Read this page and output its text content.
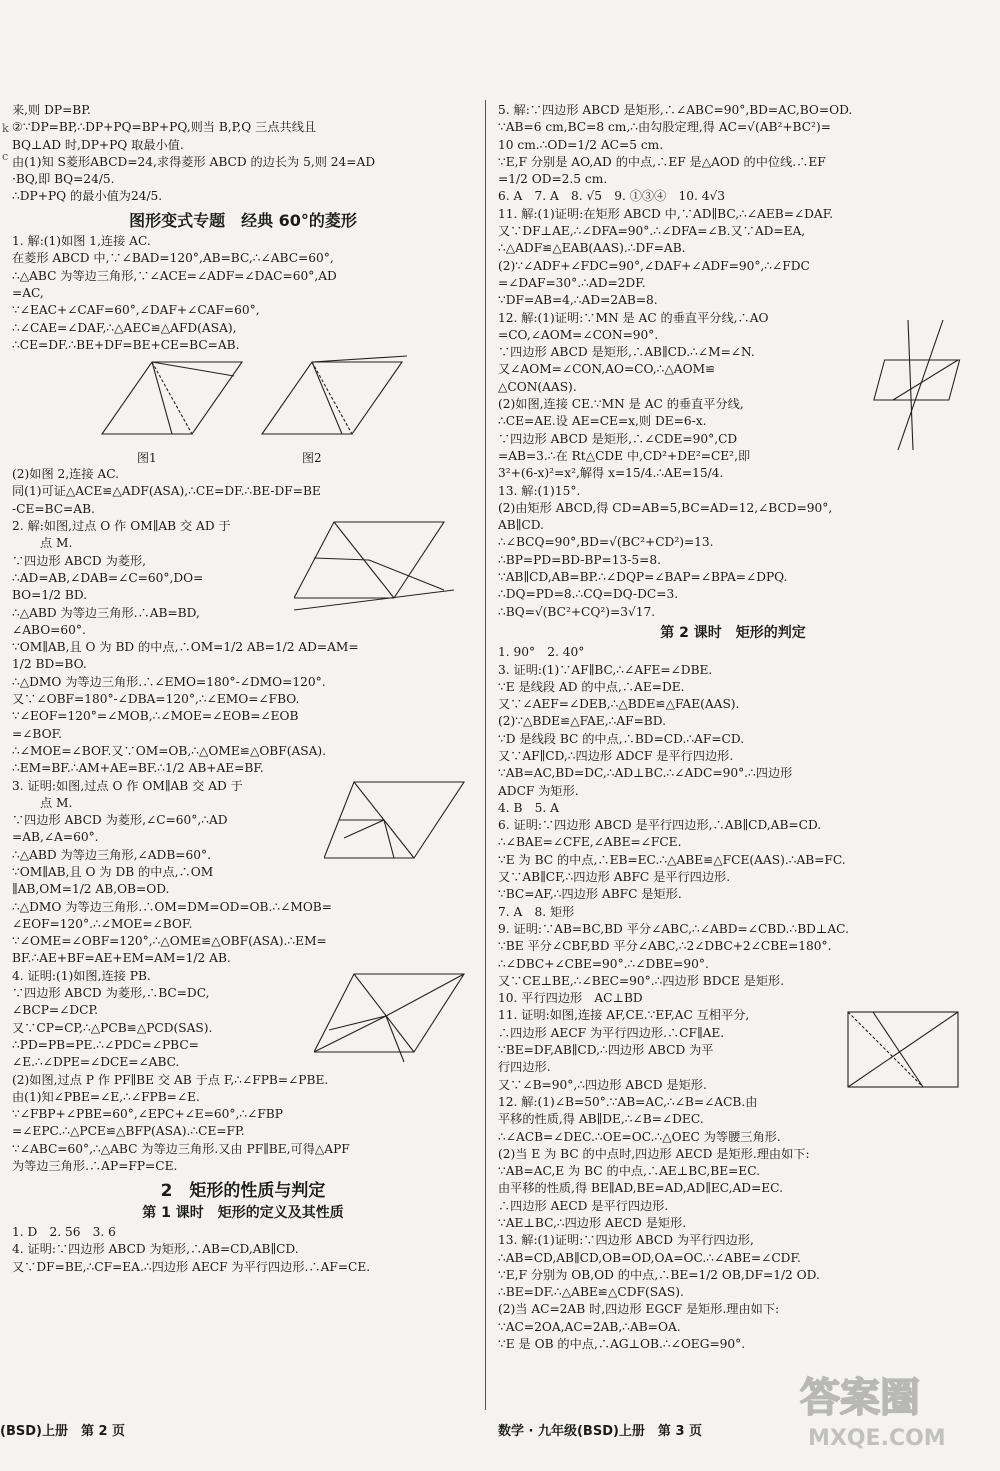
k
c
来,则 DP=BP.
②∵DP=BP,∴DP+PQ=BP+PQ,则当 B,P,Q 三点共线且
BQ⊥AD 时,DP+PQ 取最小值.
由(1)知 S菱形ABCD=24,求得菱形 ABCD 的边长为 5,则 24=AD
·BQ,即 BQ=24/5.
∴DP+PQ 的最小值为24/5.
图形变式专题　经典 60°的菱形
1. 解:(1)如图 1,连接 AC.
在菱形 ABCD 中,∵∠BAD=120°,AB=BC,∴∠ABC=60°,
∴△ABC 为等边三角形,∵∠ACE=∠ADF=∠DAC=60°,AD
=AC,
∵∠EAC+∠CAF=60°,∠DAF+∠CAF=60°,
∴∠CAE=∠DAF,∴△AEC≌△AFD(ASA),
∴CE=DF.∴BE+DF=BE+CE=BC=AB.
图1	图2
(2)如图 2,连接 AC.
同(1)可证△ACE≌△ADF(ASA),∴CE=DF.∴BE-DF=BE
-CE=BC=AB.
2. 解:如图,过点 O 作 OM∥AB 交 AD 于
点 M.
∵四边形 ABCD 为菱形,
∴AD=AB,∠DAB=∠C=60°,DO=
BO=1/2 BD.
∴△ABD 为等边三角形.∴AB=BD,
∠ABO=60°.
∵OM∥AB,且 O 为 BD 的中点,∴OM=1/2 AB=1/2 AD=AM=
1/2 BD=BO.
∴△DMO 为等边三角形.∴∠EMO=180°-∠DMO=120°.
又∵∠OBF=180°-∠DBA=120°,∴∠EMO=∠FBO.
∵∠EOF=120°=∠MOB,∴∠MOE=∠EOB=∠EOB
=∠BOF.
∴∠MOE=∠BOF.又∵OM=OB,∴△OME≌△OBF(ASA).
∴EM=BF.∴AM+AE=BF.∴1/2 AB+AE=BF.
3. 证明:如图,过点 O 作 OM∥AB 交 AD 于
点 M.
∵四边形 ABCD 为菱形,∠C=60°,∴AD
=AB,∠A=60°.
∴△ABD 为等边三角形,∠ADB=60°.
∵OM∥AB,且 O 为 DB 的中点,∴OM
∥AB,OM=1/2 AB,OB=OD.
∴△DMO 为等边三角形.∴OM=DM=OD=OB.∴∠MOB=
∠EOF=120°.∴∠MOE=∠BOF.
∵∠OME=∠OBF=120°,∴△OME≌△OBF(ASA).∴EM=
BF.∴AE+BF=AE+EM=AM=1/2 AB.
4. 证明:(1)如图,连接 PB.
∵四边形 ABCD 为菱形,∴BC=DC,
∠BCP=∠DCP.
又∵CP=CP,∴△PCB≌△PCD(SAS).
∴PD=PB=PE.∴∠PDC=∠PBC=
∠E.∴∠DPE=∠DCE=∠ABC.
(2)如图,过点 P 作 PF∥BE 交 AB 于点 F,∴∠FPB=∠PBE.
由(1)知∠PBE=∠E,∴∠FPB=∠E.
∵∠FBP+∠PBE=60°,∠EPC+∠E=60°,∴∠FBP
=∠EPC.∴△PCE≌△BFP(ASA).∴CE=FP.
∵∠ABC=60°,∴△ABC 为等边三角形.又由 PF∥BE,可得△APF
为等边三角形.∴AP=FP=CE.
2　矩形的性质与判定
第 1 课时　矩形的定义及其性质
1. D　2. 56　3. 6
4. 证明:∵四边形 ABCD 为矩形,∴AB=CD,AB∥CD.
又∵DF=BE,∴CF=EA.∴四边形 AECF 为平行四边形.∴AF=CE.
5. 解:∵四边形 ABCD 是矩形,∴∠ABC=90°,BD=AC,BO=OD.
∵AB=6 cm,BC=8 cm,∴由勾股定理,得 AC=√(AB²+BC²)=
10 cm.∴OD=1/2 AC=5 cm.
∵E,F 分别是 AO,AD 的中点,∴EF 是△AOD 的中位线.∴EF
=1/2 OD=2.5 cm.
6. A　7. A　8. √5　9. ①③④　10. 4√3
11. 解:(1)证明:在矩形 ABCD 中,∵AD∥BC,∴∠AEB=∠DAF.
又∵DF⊥AE,∴∠DFA=90°.∴∠DFA=∠B.又∵AD=EA,
∴△ADF≌△EAB(AAS).∴DF=AB.
(2)∵∠ADF+∠FDC=90°,∠DAF+∠ADF=90°,∴∠FDC
=∠DAF=30°.∴AD=2DF.
∵DF=AB=4,∴AD=2AB=8.
12. 解:(1)证明:∵MN 是 AC 的垂直平分线,∴AO
=CO,∠AOM=∠CON=90°.
∵四边形 ABCD 是矩形,∴AB∥CD.∴∠M=∠N.
又∠AOM=∠CON,AO=CO,∴△AOM≌
△CON(AAS).
(2)如图,连接 CE.∵MN 是 AC 的垂直平分线,
∴CE=AE.设 AE=CE=x,则 DE=6-x.
∵四边形 ABCD 是矩形,∴∠CDE=90°,CD
=AB=3.∴在 Rt△CDE 中,CD²+DE²=CE²,即
3²+(6-x)²=x²,解得 x=15/4.∴AE=15/4.
13. 解:(1)15°.
(2)由矩形 ABCD,得 CD=AB=5,BC=AD=12,∠BCD=90°,
AB∥CD.
∴∠BCQ=90°,BD=√(BC²+CD²)=13.
∴BP=PD=BD-BP=13-5=8.
∵AB∥CD,AB=BP.∴∠DQP=∠BAP=∠BPA=∠DPQ.
∴DQ=PD=8.∴CQ=DQ-DC=3.
∴BQ=√(BC²+CQ²)=3√17.
第 2 课时　矩形的判定
1. 90°　2. 40°
3. 证明:(1)∵AF∥BC,∴∠AFE=∠DBE.
∵E 是线段 AD 的中点,∴AE=DE.
又∵∠AEF=∠DEB,∴△BDE≌△FAE(AAS).
(2)∵△BDE≌△FAE,∴AF=BD.
∵D 是线段 BC 的中点,∴BD=CD.∴AF=CD.
又∵AF∥CD,∴四边形 ADCF 是平行四边形.
∵AB=AC,BD=DC,∴AD⊥BC.∴∠ADC=90°.∴四边形
ADCF 为矩形.
4. B　5. A
6. 证明:∵四边形 ABCD 是平行四边形,∴AB∥CD,AB=CD.
∴∠BAE=∠CFE,∠ABE=∠FCE.
∵E 为 BC 的中点,∴EB=EC.∴△ABE≌△FCE(AAS).∴AB=FC.
又∵AB∥CF,∴四边形 ABFC 是平行四边形.
∵BC=AF,∴四边形 ABFC 是矩形.
7. A　8. 矩形
9. 证明:∵AB=BC,BD 平分∠ABC,∴∠ABD=∠CBD.∴BD⊥AC.
∵BE 平分∠CBF,BD 平分∠ABC,∴2∠DBC+2∠CBE=180°.
∴∠DBC+∠CBE=90°.∴∠DBE=90°.
又∵CE⊥BE,∴∠BEC=90°.∴四边形 BDCE 是矩形.
10. 平行四边形　AC⊥BD
11. 证明:如图,连接 AF,CE.∵EF,AC 互相平分,
∴四边形 AECF 为平行四边形.∴CF∥AE.
∵BE=DF,AB∥CD,∴四边形 ABCD 为平
行四边形.
又∵∠B=90°,∴四边形 ABCD 是矩形.
12. 解:(1)∠B=50°.∵AB=AC,∴∠B=∠ACB.由
平移的性质,得 AB∥DE,∴∠B=∠DEC.
∴∠ACB=∠DEC.∴OE=OC.∴△OEC 为等腰三角形.
(2)当 E 为 BC 的中点时,四边形 AECD 是矩形.理由如下:
∵AB=AC,E 为 BC 的中点,∴AE⊥BC,BE=EC.
由平移的性质,得 BE∥AD,BE=AD,AD∥EC,AD=EC.
∴四边形 AECD 是平行四边形.
∵AE⊥BC,∴四边形 AECD 是矩形.
13. 解:(1)证明:∵四边形 ABCD 为平行四边形,
∴AB=CD,AB∥CD,OB=OD,OA=OC.∴∠ABE=∠CDF.
∵E,F 分别为 OB,OD 的中点,∴BE=1/2 OB,DF=1/2 OD.
∴BE=DF.∴△ABE≌△CDF(SAS).
(2)当 AC=2AB 时,四边形 EGCF 是矩形.理由如下:
∵AC=2OA,AC=2AB,∴AB=OA.
∵E 是 OB 的中点,∴AG⊥OB.∴∠OEG=90°.
(BSD)上册　第 2 页	数学 · 九年级(BSD)上册　第 3 页
答案圈
MXQE.COM
